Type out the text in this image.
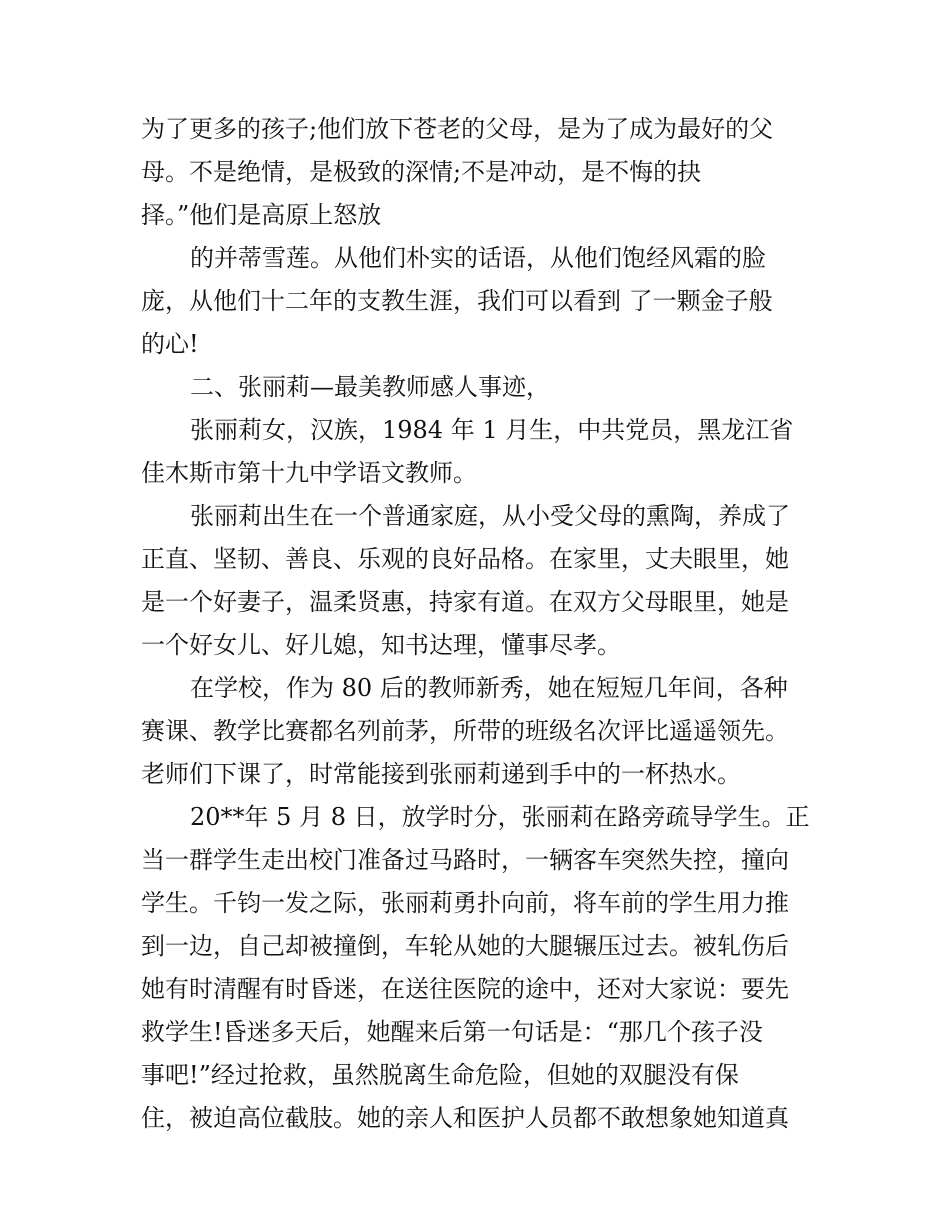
为了更多的孩子;他们放下苍老的父母，是为了成为最好的父
母。不是绝情，是极致的深情;不是冲动，是不悔的抉
择。”他们是高原上怒放
的并蒂雪莲。从他们朴实的话语，从他们饱经风霜的脸
庞，从他们十二年的支教生涯，我们可以看到 了一颗金子般
的心!
二、张丽莉—最美教师感人事迹，
张丽莉女，汉族，1984 年 1 月生，中共党员，黑龙江省
佳木斯市第十九中学语文教师。
张丽莉出生在一个普通家庭，从小受父母的熏陶，养成了
正直、坚韧、善良、乐观的良好品格。在家里，丈夫眼里，她
是一个好妻子，温柔贤惠，持家有道。在双方父母眼里，她是
一个好女儿、好儿媳，知书达理，懂事尽孝。
在学校，作为 80 后的教师新秀，她在短短几年间，各种
赛课、教学比赛都名列前茅，所带的班级名次评比遥遥领先。
老师们下课了，时常能接到张丽莉递到手中的一杯热水。
20**年 5 月 8 日，放学时分，张丽莉在路旁疏导学生。正
当一群学生走出校门准备过马路时，一辆客车突然失控，撞向
学生。千钧一发之际，张丽莉勇扑向前，将车前的学生用力推
到一边，自己却被撞倒，车轮从她的大腿辗压过去。被轧伤后
她有时清醒有时昏迷，在送往医院的途中，还对大家说：要先
救学生!昏迷多天后，她醒来后第一句话是：“那几个孩子没
事吧!”经过抢救，虽然脱离生命危险，但她的双腿没有保
住，被迫高位截肢。她的亲人和医护人员都不敢想象她知道真
